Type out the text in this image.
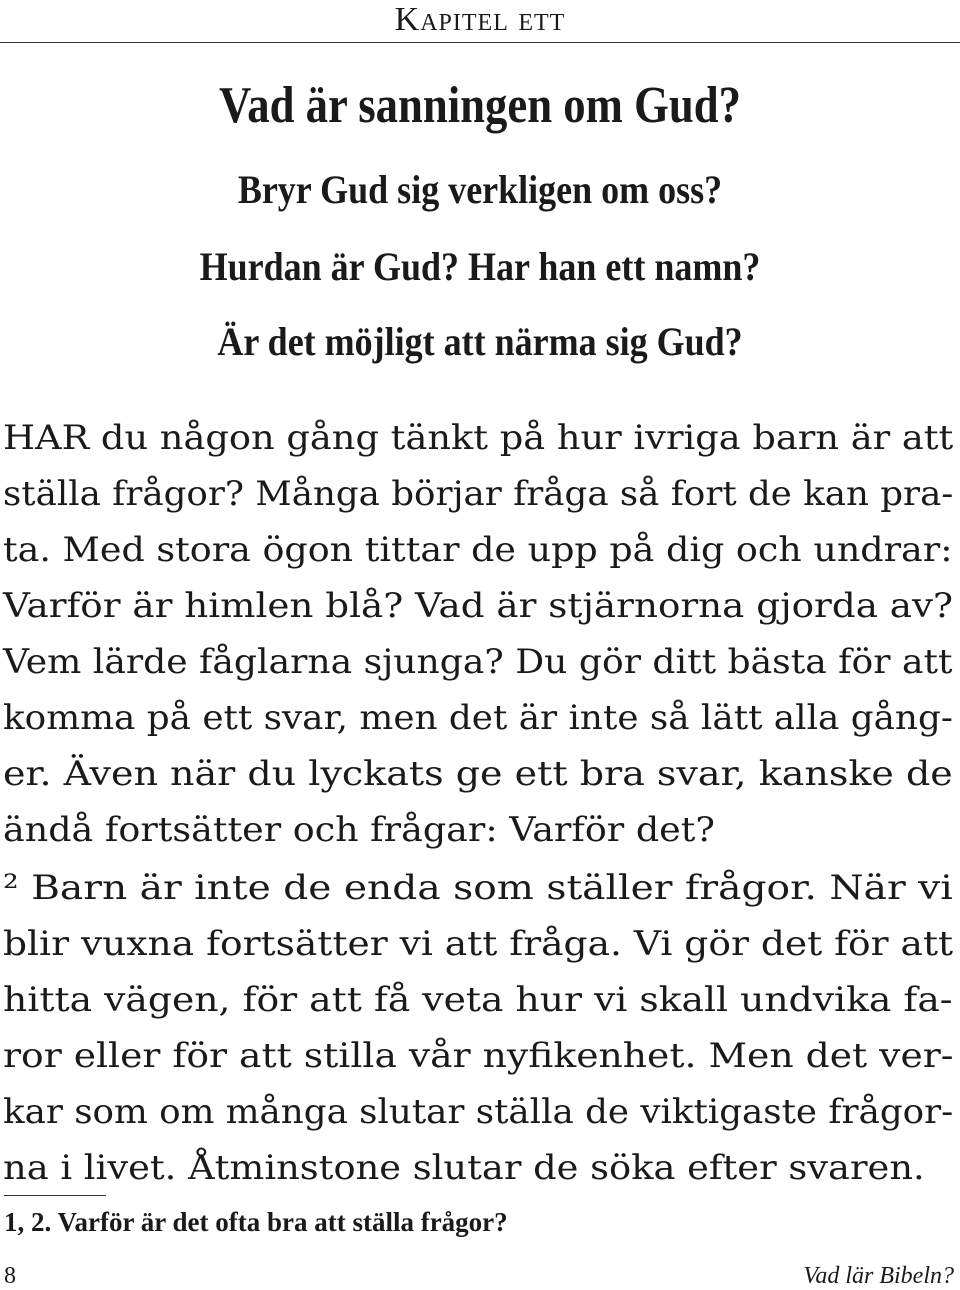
Kapitel ett
Vad är sanningen om Gud?
Bryr Gud sig verkligen om oss?
Hurdan är Gud? Har han ett namn?
Är det möjligt att närma sig Gud?
HAR du någon gång tänkt på hur ivriga barn är att
ställa frågor? Många börjar fråga så fort de kan pra-
ta. Med stora ögon tittar de upp på dig och undrar:
Varför är himlen blå? Vad är stjärnorna gjorda av?
Vem lärde fåglarna sjunga? Du gör ditt bästa för att
komma på ett svar, men det är inte så lätt alla gång-
er. Även när du lyckats ge ett bra svar, kanske de
ändå fortsätter och frågar: Varför det?
² Barn är inte de enda som ställer frågor. När vi
blir vuxna fortsätter vi att fråga. Vi gör det för att
hitta vägen, för att få veta hur vi skall undvika fa-
ror eller för att stilla vår nyfikenhet. Men det ver-
kar som om många slutar ställa de viktigaste frågor-
na i livet. Åtminstone slutar de söka efter svaren.
1, 2. Varför är det ofta bra att ställa frågor?
8	Vad lär Bibeln?
